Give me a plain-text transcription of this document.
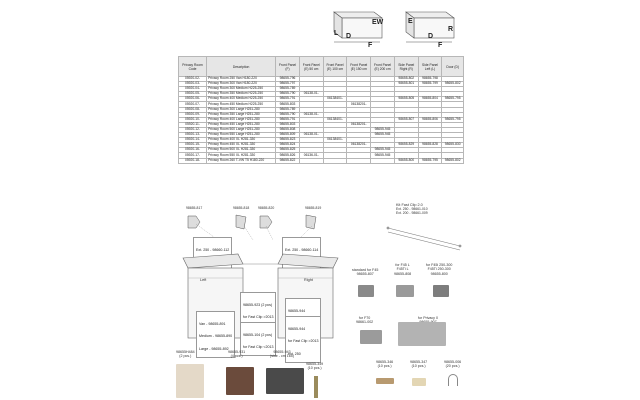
L D
EW
F
E
D
R
F
Privacy Room Code	Description	Front Panel (F)	Front Panel (E) 50 cm	Front Panel (E) 100 cm	Front Panel (E) 150 cm	Front Panel (E) 200 cm	Side Panel Right (R)	Side Panel Left (L)	Door (D)
05920-02-	Privacy Room 250 Van H180-220	98655-796					98655-802	98655-798	
05920-03-	Privacy Room 300 Van H180-220	98655-797					98655-801	98655-799	98655-802
05920-04-	Privacy Room 300 Medium H225-250	98655-789							
05920-05-	Privacy Room 350 Medium H225-250	98655-790	06138-01-						
05920-06-	Privacy Room 400 Medium H225-250	98655-791		06138401-			98655-805	98655-804	98655-795
05920-07-	Privacy Room 450 Medium H225-250	98655-803			06138201-				
05920-08-	Privacy Room 300 Large H251-280	98655-789							
05920-09-	Privacy Room 350 Large H251-280	98655-790	06138-01-						
05920-10-	Privacy Room 400 Large H251-280	98655-791		06138401-			98655-807	98655-806	98655-795
05920-11-	Privacy Room 450 Large H251-280	98655-803			06138201-				
05920-12-	Privacy Room 500 Large H251-280	98655-808				98655-945			
05920-13-	Privacy Room 550 Large H251-280	98655-809	06138-01-			98655-945			
05920-14-	Privacy Room 400 XL H281-330	98655-823		06138401-					
05920-15-	Privacy Room 450 XL H281-330	98655-824			06138201-		98655-829	98655-828	98655-830
05920-16-	Privacy Room 500 XL H281-330	98655-825				98655-945			
05920-17-	Privacy Room 550 XL H281-330	98655-826	06136-01-			98655-945			
05920-18-	Privacy Room 260 T-VW T5 H180-220	98655-822					98655-800	98655-795	98655-802
98655-817	98655-818	98655-820	98655-819

Ext. 250 - 98660-112

	Ext. 250 - 98660-114

Left	Right

Van - 98655-891

Medium - 98655-890

Large - 98655-892

98655-923 (2 pcs)

for Fast Clip >2013

98655-104 (2 pcs)

for Fast Clip <2013

98655-944

98655-944

for Fast Clip >2013

ext. 250

Kit Fast Clip 2.0
Ext. 250 - 98661-010
Ext. 200 - 98661-009
standard for F45
98655-807
for F45 L
F45Ti L
98655-808
for F45i 250-300
F45Ti 250-300
98655-800
for F70
98661-002
for Privacy 0

98655H484
(2 pcs.)
98655-931
(4 pcs.)
98655-943
(side - cm 165)
98655-349
(10 pcs.)
98655-346
(10 pcs.)
98655-347
(10 pcs.)
98655-006
(20 pcs.)
